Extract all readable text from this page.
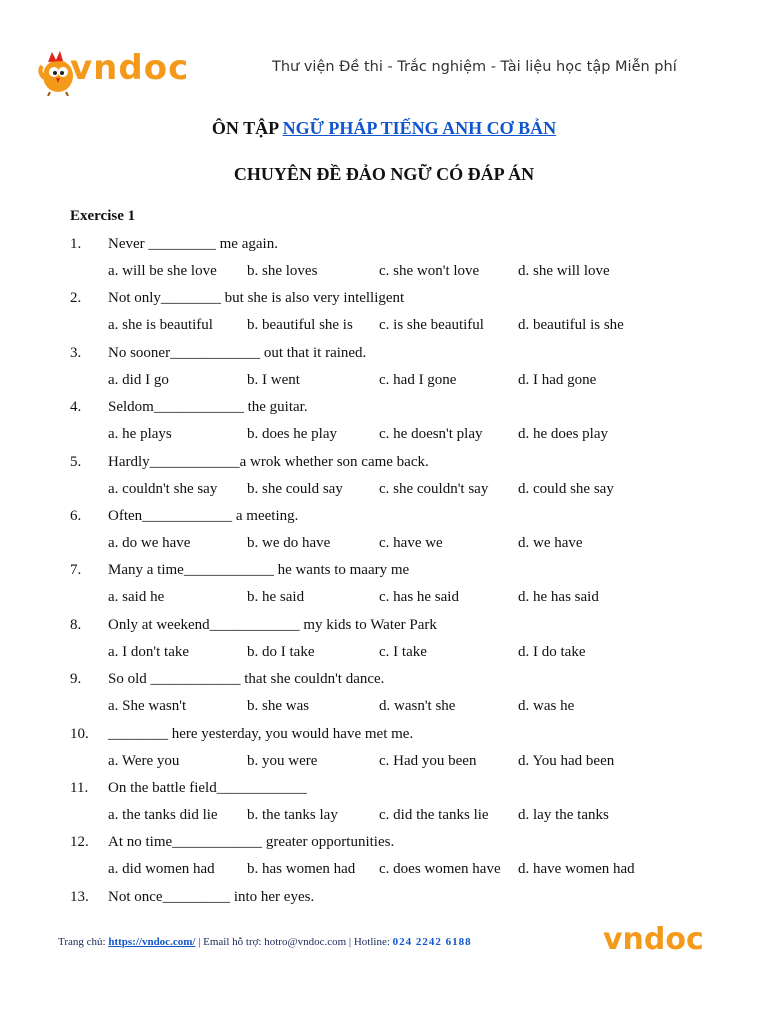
vndoc	Thư viện Đề thi - Trắc nghiệm - Tài liệu học tập Miễn phí
ÔN TẬP NGỮ PHÁP TIẾNG ANH CƠ BẢN
CHUYÊN ĐỀ ĐẢO NGỮ CÓ ĐÁP ÁN
Exercise 1
1. Never _________ me again.
a. will be she love b. she loves	c. she won't love	d. she will love
2. Not only________ but she is also very intelligent
a. she is beautiful b. beautiful she is c. is she beautiful d. beautiful is she
3. No sooner____________ out that it rained.
a. did I go	b. I went	c. had I gone	d. I had gone
4. Seldom____________ the guitar.
a. he plays	b. does he play	c. he doesn't play d. he does play
5. Hardly____________a wrok whether son came back.
a. couldn't she say b. she could say c. she couldn't say d. could she say
6. Often____________ a meeting.
a. do we have	b. we do have	c. have we	d. we have
7. Many a time____________ he wants to maary me
a. said he	b. he said	c. has he said	d. he has said
8. Only at weekend____________ my kids to Water Park
a. I don't take	b. do I take	c. I take	d. I do take
9. So old ____________ that she couldn't dance.
a. She wasn't	b. she was	d. wasn't she	d. was he
10. ________ here yesterday, you would have met me.
a. Were you	b. you were	c. Had you been	d. You had been
11. On the battle field____________
a. the tanks did lie b. the tanks lay	c. did the tanks lie d. lay the tanks
12. At no time____________ greater opportunities.
a. did women had b. has women had c. does women have d. have women had
13. Not once_________ into her eyes.
Trang chủ: https://vndoc.com/ | Email hỗ trợ: hotro@vndoc.com | Hotline: 024 2242 6188	vndoc
